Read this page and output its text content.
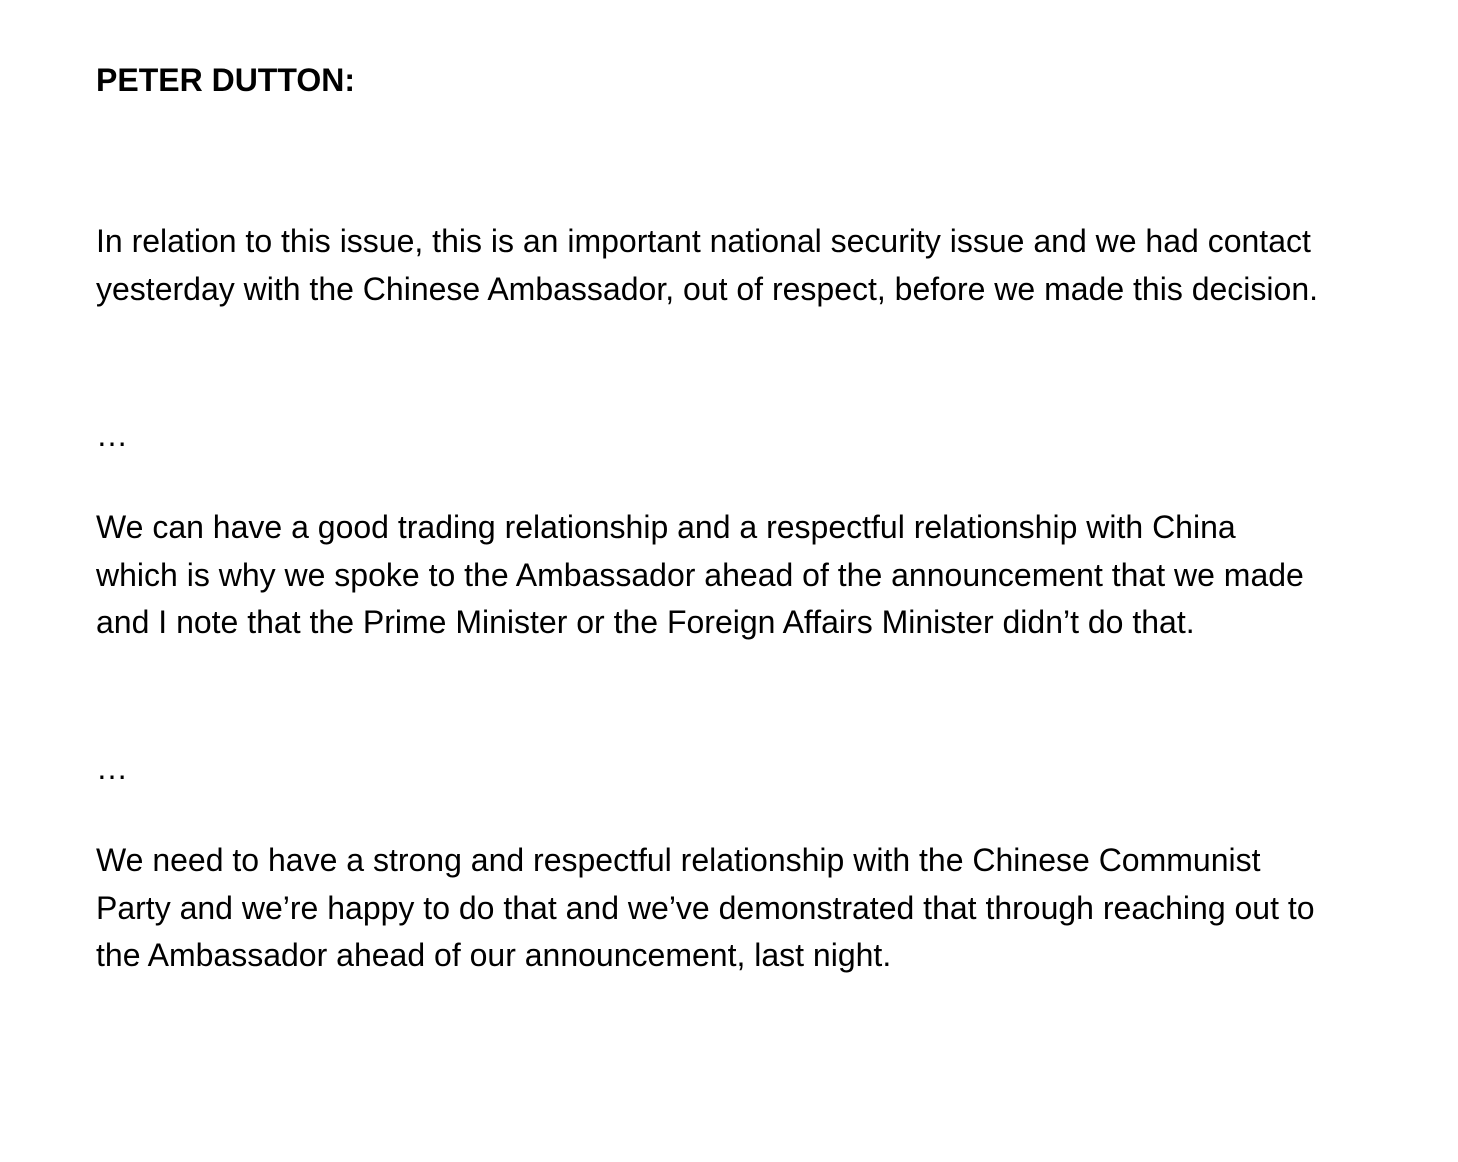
PETER DUTTON:

In relation to this issue, this is an important national security issue and we had contact yesterday with the Chinese Ambassador, out of respect, before we made this decision.

…

We can have a good trading relationship and a respectful relationship with China which is why we spoke to the Ambassador ahead of the announcement that we made and I note that the Prime Minister or the Foreign Affairs Minister didn’t do that.

…

We need to have a strong and respectful relationship with the Chinese Communist Party and we’re happy to do that and we’ve demonstrated that through reaching out to the Ambassador ahead of our announcement, last night.
